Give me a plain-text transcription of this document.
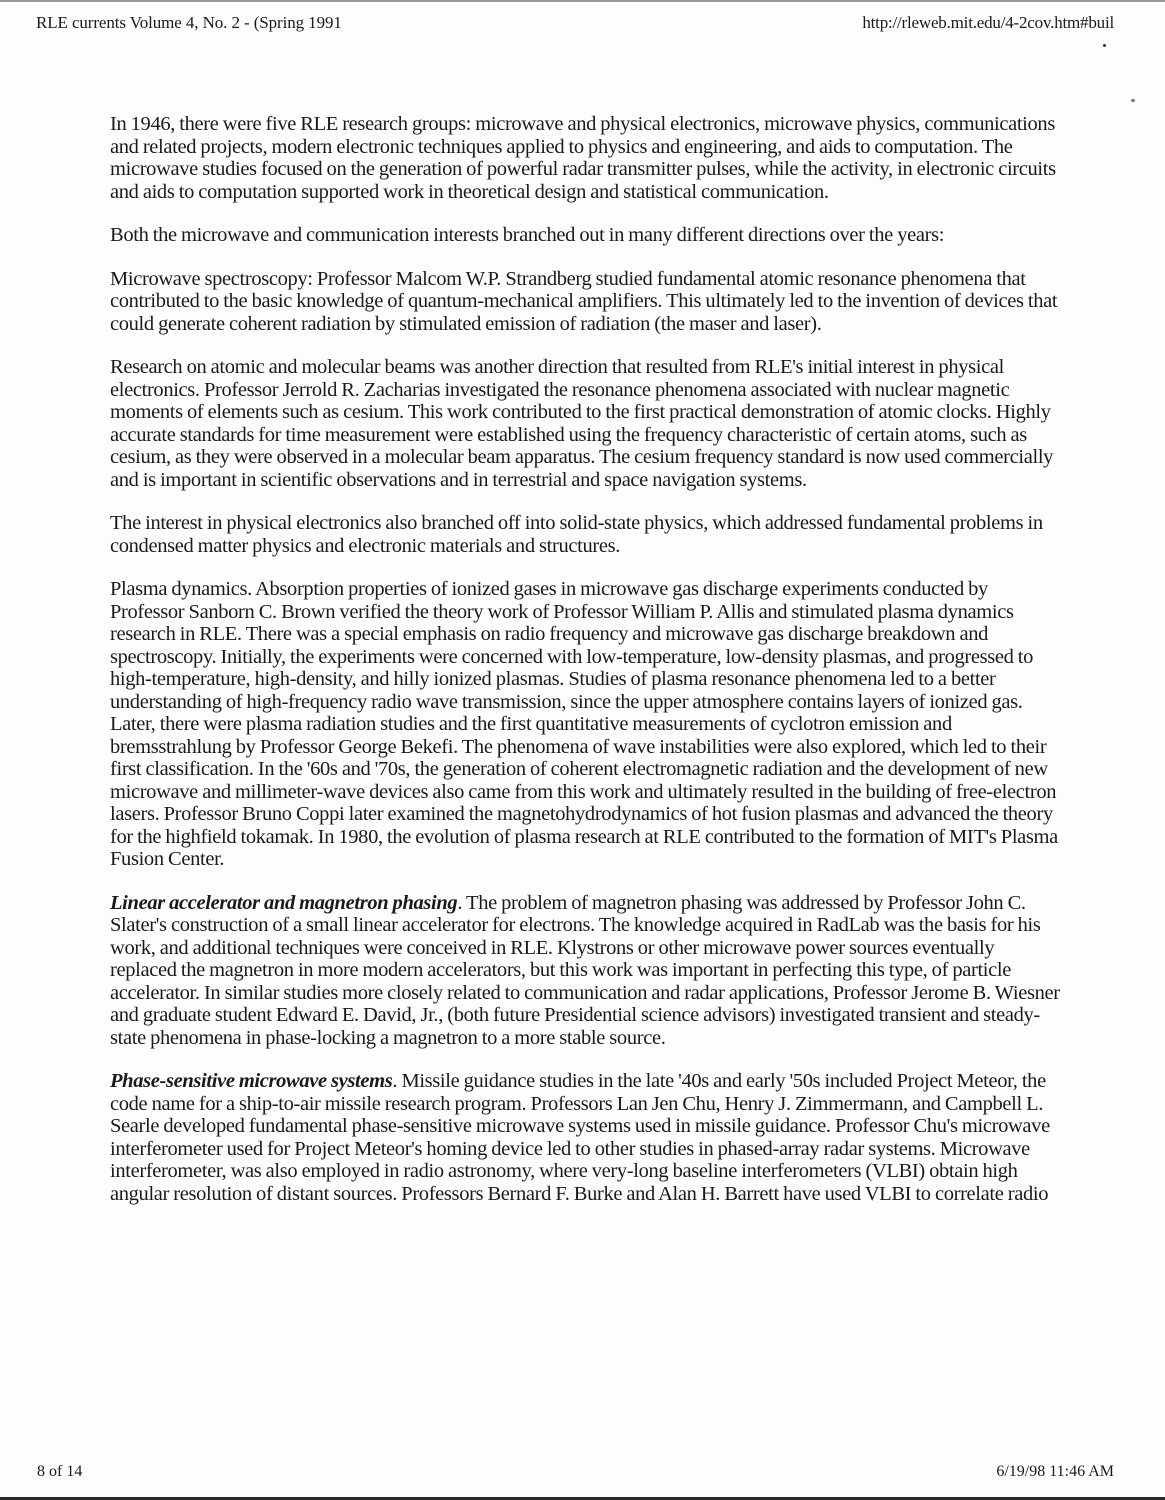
RLE currents Volume 4, No. 2 - (Spring 1991	http://rleweb.mit.edu/4-2cov.htm#buil

In 1946, there were five RLE research groups: microwave and physical electronics, microwave physics, communications and related projects, modern electronic techniques applied to physics and engineering, and aids to computation. The microwave studies focused on the generation of powerful radar transmitter pulses, while the activity, in electronic circuits and aids to computation supported work in theoretical design and statistical communication.

Both the microwave and communication interests branched out in many different directions over the years:

Microwave spectroscopy: Professor Malcom W.P. Strandberg studied fundamental atomic resonance phenomena that contributed to the basic knowledge of quantum-mechanical amplifiers. This ultimately led to the invention of devices that could generate coherent radiation by stimulated emission of radiation (the maser and laser).

Research on atomic and molecular beams was another direction that resulted from RLE's initial interest in physical electronics. Professor Jerrold R. Zacharias investigated the resonance phenomena associated with nuclear magnetic moments of elements such as cesium. This work contributed to the first practical demonstration of atomic clocks. Highly accurate standards for time measurement were established using the frequency characteristic of certain atoms, such as cesium, as they were observed in a molecular beam apparatus. The cesium frequency standard is now used commercially and is important in scientific observations and in terrestrial and space navigation systems.

The interest in physical electronics also branched off into solid-state physics, which addressed fundamental problems in condensed matter physics and electronic materials and structures.

Plasma dynamics. Absorption properties of ionized gases in microwave gas discharge experiments conducted by Professor Sanborn C. Brown verified the theory work of Professor William P. Allis and stimulated plasma dynamics research in RLE. There was a special emphasis on radio frequency and microwave gas discharge breakdown and spectroscopy. Initially, the experiments were concerned with low-temperature, low-density plasmas, and progressed to high-temperature, high-density, and hilly ionized plasmas. Studies of plasma resonance phenomena led to a better understanding of high-frequency radio wave transmission, since the upper atmosphere contains layers of ionized gas. Later, there were plasma radiation studies and the first quantitative measurements of cyclotron emission and bremsstrahlung by Professor George Bekefi. The phenomena of wave instabilities were also explored, which led to their first classification. In the '60s and '70s, the generation of coherent electromagnetic radiation and the development of new microwave and millimeter-wave devices also came from this work and ultimately resulted in the building of free-electron lasers. Professor Bruno Coppi later examined the magnetohydrodynamics of hot fusion plasmas and advanced the theory for the highfield tokamak. In 1980, the evolution of plasma research at RLE contributed to the formation of MIT's Plasma Fusion Center.

Linear accelerator and magnetron phasing. The problem of magnetron phasing was addressed by Professor John C. Slater's construction of a small linear accelerator for electrons. The knowledge acquired in RadLab was the basis for his work, and additional techniques were conceived in RLE. Klystrons or other microwave power sources eventually replaced the magnetron in more modern accelerators, but this work was important in perfecting this type, of particle accelerator. In similar studies more closely related to communication and radar applications, Professor Jerome B. Wiesner and graduate student Edward E. David, Jr., (both future Presidential science advisors) investigated transient and steady-state phenomena in phase-locking a magnetron to a more stable source.

Phase-sensitive microwave systems. Missile guidance studies in the late '40s and early '50s included Project Meteor, the code name for a ship-to-air missile research program. Professors Lan Jen Chu, Henry J. Zimmermann, and Campbell L. Searle developed fundamental phase-sensitive microwave systems used in missile guidance. Professor Chu's microwave interferometer used for Project Meteor's homing device led to other studies in phased-array radar systems. Microwave interferometer, was also employed in radio astronomy, where very-long baseline interferometers (VLBI) obtain high angular resolution of distant sources. Professors Bernard F. Burke and Alan H. Barrett have used VLBI to correlate radio

8 of 14	6/19/98 11:46 AM
